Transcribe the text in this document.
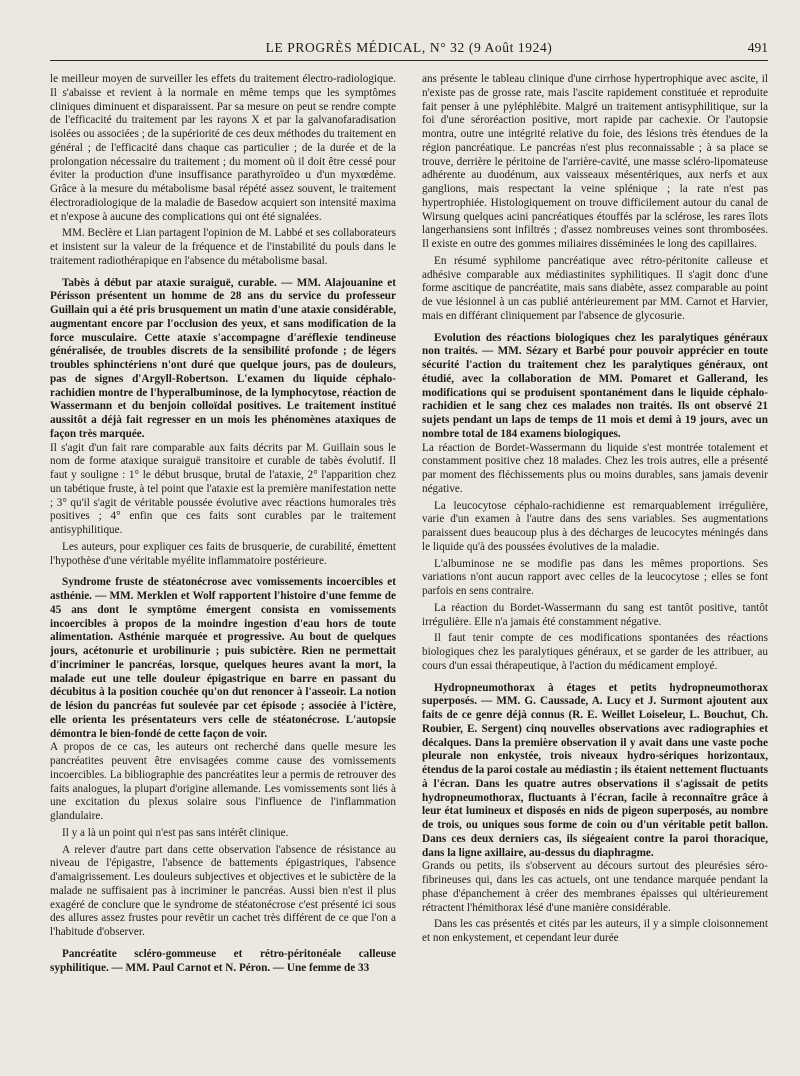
LE PROGRÈS MÉDICAL, N° 32 (9 Août 1924)	491

le meilleur moyen de surveiller les effets du traitement électro-radiologique. Il s'abaisse et revient à la normale en même temps que les symptômes cliniques diminuent et disparaissent. Par sa mesure on peut se rendre compte de l'efficacité du traitement par les rayons X et par la galvanofaradisation isolées ou associées ; de la supériorité de ces deux méthodes du traitement en général ; de l'efficacité dans chaque cas particulier ; de la durée et de la prolongation nécessaire du traitement ; du moment où il doit être cessé pour éviter la production d'une insuffisance parathyroïdeo u d'un myxœdème. Grâce à la mesure du métabolisme basal répété assez souvent, le traitement électroradiologique de la maladie de Basedow acquiert son intensité maxima et n'expose à aucune des complications qui ont été signalées.

MM. Beclère et Lian partagent l'opinion de M. Labbé et ses collaborateurs et insistent sur la valeur de la fréquence et de l'instabilité du pouls dans le traitement radiothérapique en l'absence du métabolisme basal.

Tabès à début par ataxie suraiguë, curable. — MM. Alajouanine et Périsson présentent un homme de 28 ans du service du professeur Guillain qui a été pris brusquement un matin d'une ataxie considérable, augmentant encore par l'occlusion des yeux, et sans modification de la force musculaire. Cette ataxie s'accompagne d'aréflexie tendineuse généralisée, de troubles discrets de la sensibilité profonde ; de légers troubles sphinctériens n'ont duré que quelque jours, pas de douleurs, pas de signes d'Argyll-Robertson. L'examen du liquide céphalo-rachidien montre de l'hyperalbuminose, de la lymphocytose, réaction de Wassermann et du benjoin colloïdal positives. Le traitement institué aussitôt a déjà fait regresser en un mois les phénomènes ataxiques de façon très marquée.

Il s'agit d'un fait rare comparable aux faits décrits par M. Guillain sous le nom de forme ataxique suraiguë transitoire et curable de tabès évolutif. Il faut y souligne : 1° le début brusque, brutal de l'ataxie, 2° l'apparition chez un tabétique fruste, à tel point que l'ataxie est la première manifestation nette ; 3° qu'il s'agit de véritable poussée évolutive avec réactions humorales très positives ; 4° enfin que ces faits sont curables par le traitement antisyphilitique.

Les auteurs, pour expliquer ces faits de brusquerie, de curabilité, émettent l'hypothèse d'une véritable myélite inflammatoire postérieure.

Syndrome fruste de stéatonécrose avec vomissements incoercibles et asthénie. — MM. Merklen et Wolf rapportent l'histoire d'une femme de 45 ans dont le symptôme émergent consista en vomissements incoercibles à propos de la moindre ingestion d'eau hors de toute alimentation. Asthénie marquée et progressive. Au bout de quelques jours, acétonurie et urobilinurie ; puis subictère. Rien ne permettait d'incriminer le pancréas, lorsque, quelques heures avant la mort, la malade eut une telle douleur épigastrique en barre en passant du décubitus à la position couchée qu'on dut renoncer à l'asseoir. La notion de lésion du pancréas fut soulevée par cet épisode ; associée à l'ictère, elle orienta les présentateurs vers celle de stéatonécrose. L'autopsie démontra le bien-fondé de cette façon de voir.

A propos de ce cas, les auteurs ont recherché dans quelle mesure les pancréatites peuvent être envisagées comme cause des vomissements incoercibles. La bibliographie des pancréatites leur a permis de retrouver des faits analogues, la plupart d'origine allemande. Les vomissements sont liés à une excitation du plexus solaire sous l'influence de l'inflammation glandulaire.

Il y a là un point qui n'est pas sans intérêt clinique.

A relever d'autre part dans cette observation l'absence de résistance au niveau de l'épigastre, l'absence de battements épigastriques, l'absence d'amaigrissement. Les douleurs subjectives et objectives et le subictère de la malade ne suffisaient pas à incriminer le pancréas. Aussi bien n'est il plus exagéré de conclure que le syndrome de stéatonécrose c'est présenté ici sous des allures assez frustes pour revêtir un cachet très différent de ce que l'on a l'habitude d'observer.

Pancréatite scléro-gommeuse et rétro-péritonéale calleuse syphilitique. — MM. Paul Carnot et N. Péron. — Une femme de 33

ans présente le tableau clinique d'une cirrhose hypertrophique avec ascite, il n'existe pas de grosse rate, mais l'ascite rapidement constituée et reproduite fait penser à une pyléphlébite. Malgré un traitement antisyphilitique, sur la foi d'une séroréaction positive, mort rapide par cachexie. Or l'autopsie montra, outre une intégrité relative du foie, des lésions très étendues de la région pancréatique. Le pancréas n'est plus reconnaissable ; à sa place se trouve, derrière le péritoine de l'arrière-cavité, une masse scléro-lipomateuse adhérente au duodénum, aux vaisseaux mésentériques, aux nerfs et aux ganglions, mais respectant la veine splénique ; la rate n'est pas hypertrophiée. Histologiquement on trouve difficilement autour du canal de Wirsung quelques acini pancréatiques étouffés par la sclérose, les rares îlots langerhansiens sont infiltrés ; d'assez nombreuses veines sont thrombosées. Il existe en outre des gommes miliaires disséminées le long des capillaires.

En résumé syphilome pancréatique avec rétro-péritonite calleuse et adhésive comparable aux médiastinites syphilitiques. Il s'agit donc d'une forme ascitique de pancréatite, mais sans diabète, assez comparable au point de vue lésionnel à un cas publié antérieurement par MM. Carnot et Harvier, mais en différant cliniquement par l'absence de glycosurie.

Evolution des réactions biologiques chez les paralytiques généraux non traités. — MM. Sézary et Barbé pour pouvoir apprécier en toute sécurité l'action du traitement chez les paralytiques généraux, ont étudié, avec la collaboration de MM. Pomaret et Gallerand, les modifications qui se produisent spontanément dans le liquide céphalo-rachidien et le sang chez ces malades non traités. Ils ont observé 21 sujets pendant un laps de temps de 11 mois et demi à 19 jours, avec un nombre total de 184 examens biologiques.

La réaction de Bordet-Wassermann du liquide s'est montrée totalement et constamment positive chez 18 malades. Chez les trois autres, elle a présenté par moment des fléchissements plus ou moins durables, sans jamais devenir négative.

La leucocytose céphalo-rachidienne est remarquablement irrégulière, varie d'un examen à l'autre dans des sens variables. Ses augmentations paraissent dues beaucoup plus à des décharges de leucocytes méningés dans le liquide qu'à des poussées évolutives de la maladie.

L'albuminose ne se modifie pas dans les mêmes proportions. Ses variations n'ont aucun rapport avec celles de la leucocytose ; elles se font parfois en sens contraire.

La réaction du Bordet-Wassermann du sang est tantôt positive, tantôt irrégulière. Elle n'a jamais été constamment négative.

Il faut tenir compte de ces modifications spontanées des réactions biologiques chez les paralytiques généraux, et se garder de les attribuer, au cours d'un essai thérapeutique, à l'action du médicament employé.

Hydropneumothorax à étages et petits hydropneumothorax superposés. — MM. G. Caussade, A. Lucy et J. Surmont ajoutent aux faits de ce genre déjà connus (R. E. Weillet Loiseleur, L. Bouchut, Ch. Roubier, E. Sergent) cinq nouvelles observations avec radiographies et décalques. Dans la première observation il y avait dans une vaste poche pleurale non enkystée, trois niveaux hydro-sériques horizontaux, étendus de la paroi costale au médiastin ; ils étaient nettement fluctuants à l'écran. Dans les quatre autres observations il s'agissait de petits hydropneumothorax, fluctuants à l'écran, facile à reconnaître grâce à leur état lumineux et disposés en nids de pigeon superposés, au nombre de trois, ou uniques sous forme de coin ou d'un véritable petit ballon. Dans ces deux derniers cas, ils siégeaient contre la paroi thoracique, dans la ligne axillaire, au-dessus du diaphragme.

Grands ou petits, ils s'observent au décours surtout des pleurésies séro-fibrineuses qui, dans les cas actuels, ont une tendance marquée pendant la phase d'épanchement à créer des membranes épaisses qui ultérieurement rétractent l'hémithorax lésé d'une manière considérable.

Dans les cas présentés et cités par les auteurs, il y a simple cloisonnement et non enkystement, et cependant leur durée
